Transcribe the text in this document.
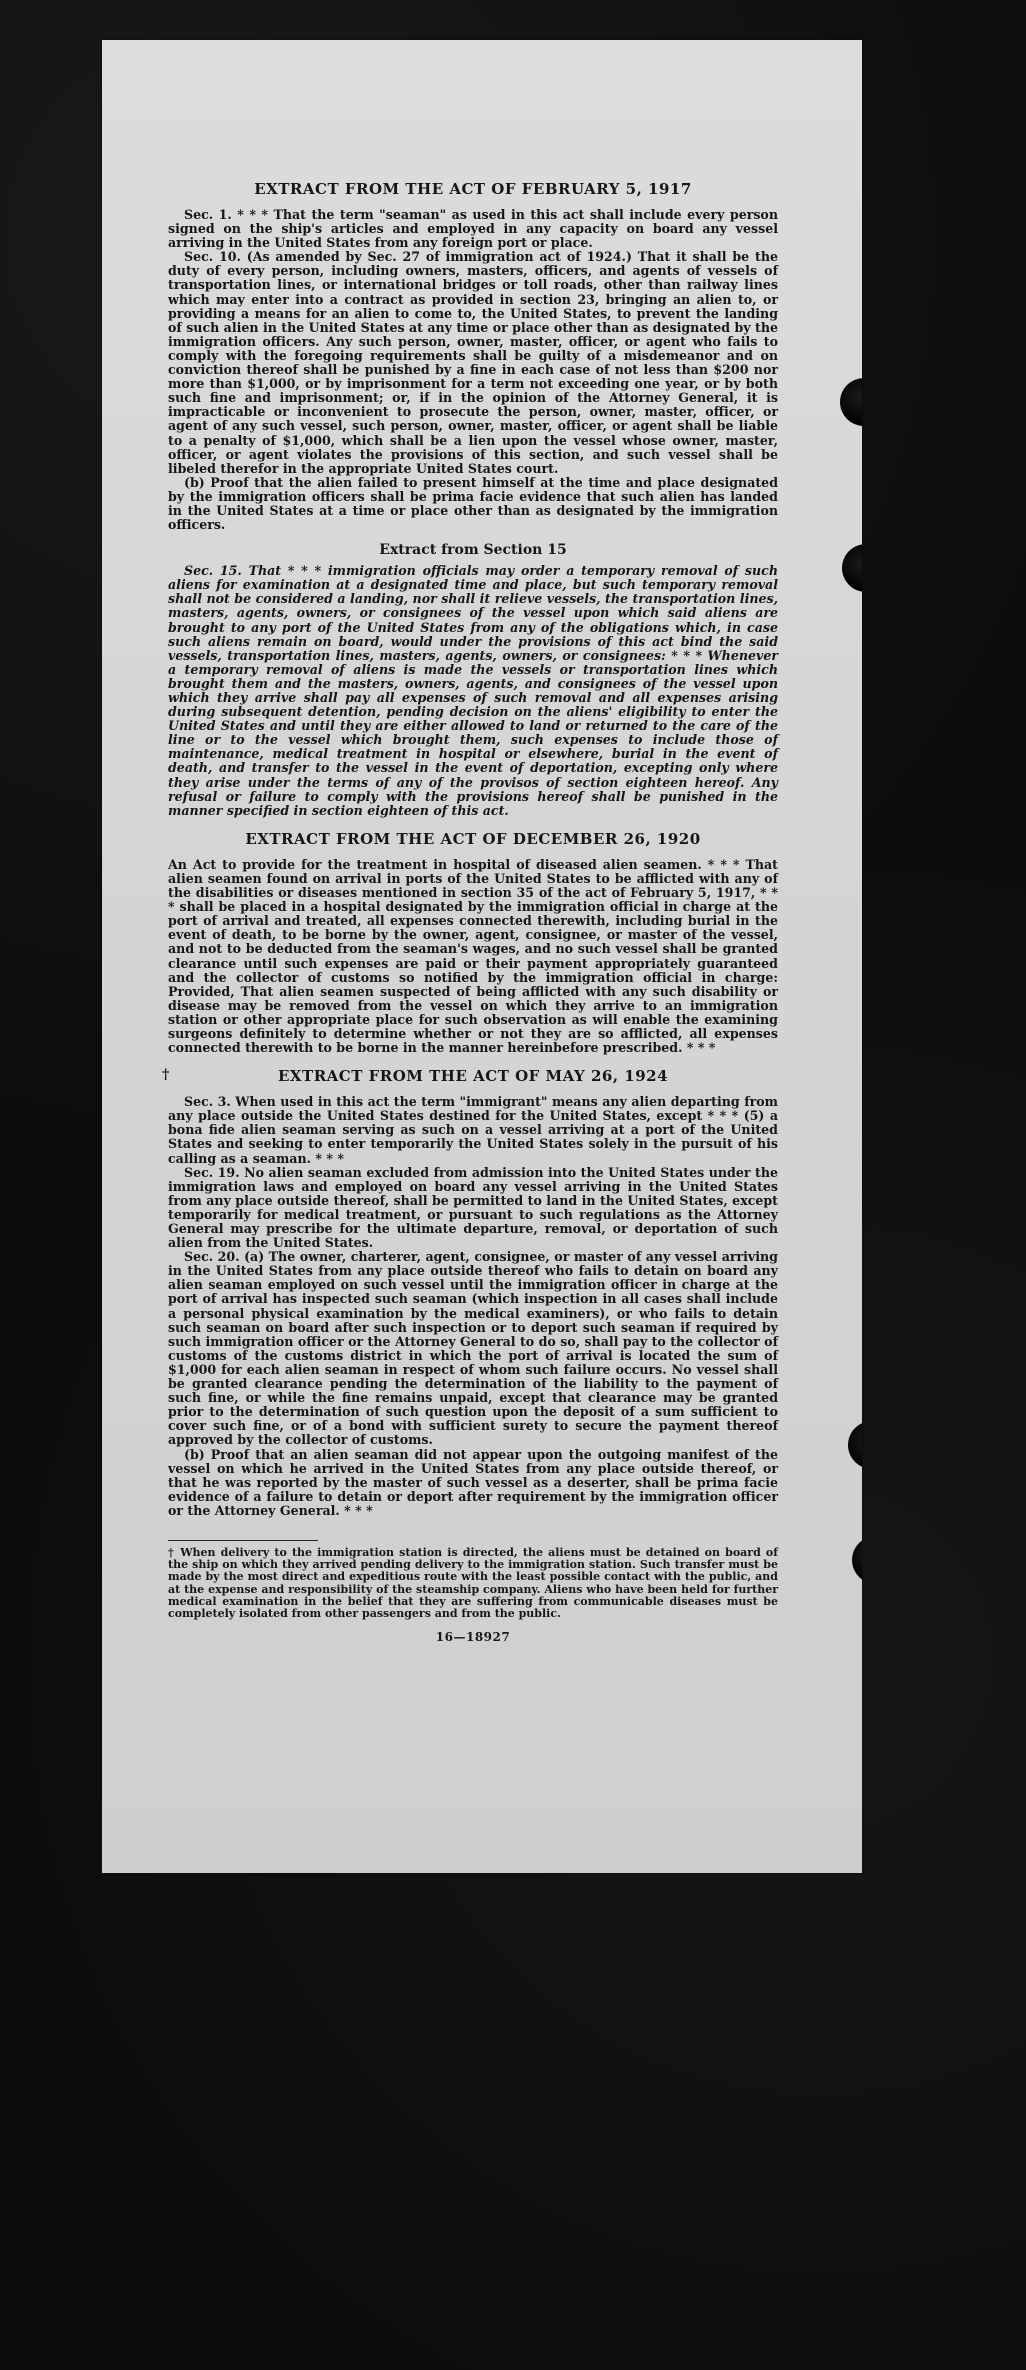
EXTRACT FROM THE ACT OF FEBRUARY 5, 1917

Sec. 1. * * * That the term "seaman" as used in this act shall include every person signed on the ship's articles and employed in any capacity on board any vessel arriving in the United States from any foreign port or place.

Sec. 10. (As amended by Sec. 27 of immigration act of 1924.) That it shall be the duty of every person, including owners, masters, officers, and agents of vessels of transportation lines, or international bridges or toll roads, other than railway lines which may enter into a contract as provided in section 23, bringing an alien to, or providing a means for an alien to come to, the United States, to prevent the landing of such alien in the United States at any time or place other than as designated by the immigration officers. Any such person, owner, master, officer, or agent who fails to comply with the foregoing requirements shall be guilty of a misdemeanor and on conviction thereof shall be punished by a fine in each case of not less than $200 nor more than $1,000, or by imprisonment for a term not exceeding one year, or by both such fine and imprisonment; or, if in the opinion of the Attorney General, it is impracticable or inconvenient to prosecute the person, owner, master, officer, or agent of any such vessel, such person, owner, master, officer, or agent shall be liable to a penalty of $1,000, which shall be a lien upon the vessel whose owner, master, officer, or agent violates the provisions of this section, and such vessel shall be libeled therefor in the appropriate United States court.

(b) Proof that the alien failed to present himself at the time and place designated by the immigration officers shall be prima facie evidence that such alien has landed in the United States at a time or place other than as designated by the immigration officers.

Extract from Section 15

Sec. 15. That * * * immigration officials may order a temporary removal of such aliens for examination at a designated time and place, but such temporary removal shall not be considered a landing, nor shall it relieve vessels, the transportation lines, masters, agents, owners, or consignees of the vessel upon which said aliens are brought to any port of the United States from any of the obligations which, in case such aliens remain on board, would under the provisions of this act bind the said vessels, transportation lines, masters, agents, owners, or consignees: * * * Whenever a temporary removal of aliens is made the vessels or transportation lines which brought them and the masters, owners, agents, and consignees of the vessel upon which they arrive shall pay all expenses of such removal and all expenses arising during subsequent detention, pending decision on the aliens' eligibility to enter the United States and until they are either allowed to land or returned to the care of the line or to the vessel which brought them, such expenses to include those of maintenance, medical treatment in hospital or elsewhere, burial in the event of death, and transfer to the vessel in the event of deportation, excepting only where they arise under the terms of any of the provisos of section eighteen hereof. Any refusal or failure to comply with the provisions hereof shall be punished in the manner specified in section eighteen of this act.

EXTRACT FROM THE ACT OF DECEMBER 26, 1920

An Act to provide for the treatment in hospital of diseased alien seamen. * * * That alien seamen found on arrival in ports of the United States to be afflicted with any of the disabilities or diseases mentioned in section 35 of the act of February 5, 1917, * * * shall be placed in a hospital designated by the immigration official in charge at the port of arrival and treated, all expenses connected therewith, including burial in the event of death, to be borne by the owner, agent, consignee, or master of the vessel, and not to be deducted from the seaman's wages, and no such vessel shall be granted clearance until such expenses are paid or their payment appropriately guaranteed and the collector of customs so notified by the immigration official in charge: Provided, That alien seamen suspected of being afflicted with any such disability or disease may be removed from the vessel on which they arrive to an immigration station or other appropriate place for such observation as will enable the examining surgeons definitely to determine whether or not they are so afflicted, all expenses connected therewith to be borne in the manner hereinbefore prescribed. * * *

†	EXTRACT FROM THE ACT OF MAY 26, 1924

Sec. 3. When used in this act the term "immigrant" means any alien departing from any place outside the United States destined for the United States, except * * * (5) a bona fide alien seaman serving as such on a vessel arriving at a port of the United States and seeking to enter temporarily the United States solely in the pursuit of his calling as a seaman. * * *

Sec. 19. No alien seaman excluded from admission into the United States under the immigration laws and employed on board any vessel arriving in the United States from any place outside thereof, shall be permitted to land in the United States, except temporarily for medical treatment, or pursuant to such regulations as the Attorney General may prescribe for the ultimate departure, removal, or deportation of such alien from the United States.

Sec. 20. (a) The owner, charterer, agent, consignee, or master of any vessel arriving in the United States from any place outside thereof who fails to detain on board any alien seaman employed on such vessel until the immigration officer in charge at the port of arrival has inspected such seaman (which inspection in all cases shall include a personal physical examination by the medical examiners), or who fails to detain such seaman on board after such inspection or to deport such seaman if required by such immigration officer or the Attorney General to do so, shall pay to the collector of customs of the customs district in which the port of arrival is located the sum of $1,000 for each alien seaman in respect of whom such failure occurs. No vessel shall be granted clearance pending the determination of the liability to the payment of such fine, or while the fine remains unpaid, except that clearance may be granted prior to the determination of such question upon the deposit of a sum sufficient to cover such fine, or of a bond with sufficient surety to secure the payment thereof approved by the collector of customs.

(b) Proof that an alien seaman did not appear upon the outgoing manifest of the vessel on which he arrived in the United States from any place outside thereof, or that he was reported by the master of such vessel as a deserter, shall be prima facie evidence of a failure to detain or deport after requirement by the immigration officer or the Attorney General. * * *

† When delivery to the immigration station is directed, the aliens must be detained on board of the ship on which they arrived pending delivery to the immigration station. Such transfer must be made by the most direct and expeditious route with the least possible contact with the public, and at the expense and responsibility of the steamship company. Aliens who have been held for further medical examination in the belief that they are suffering from communicable diseases must be completely isolated from other passengers and from the public.
16—18927
